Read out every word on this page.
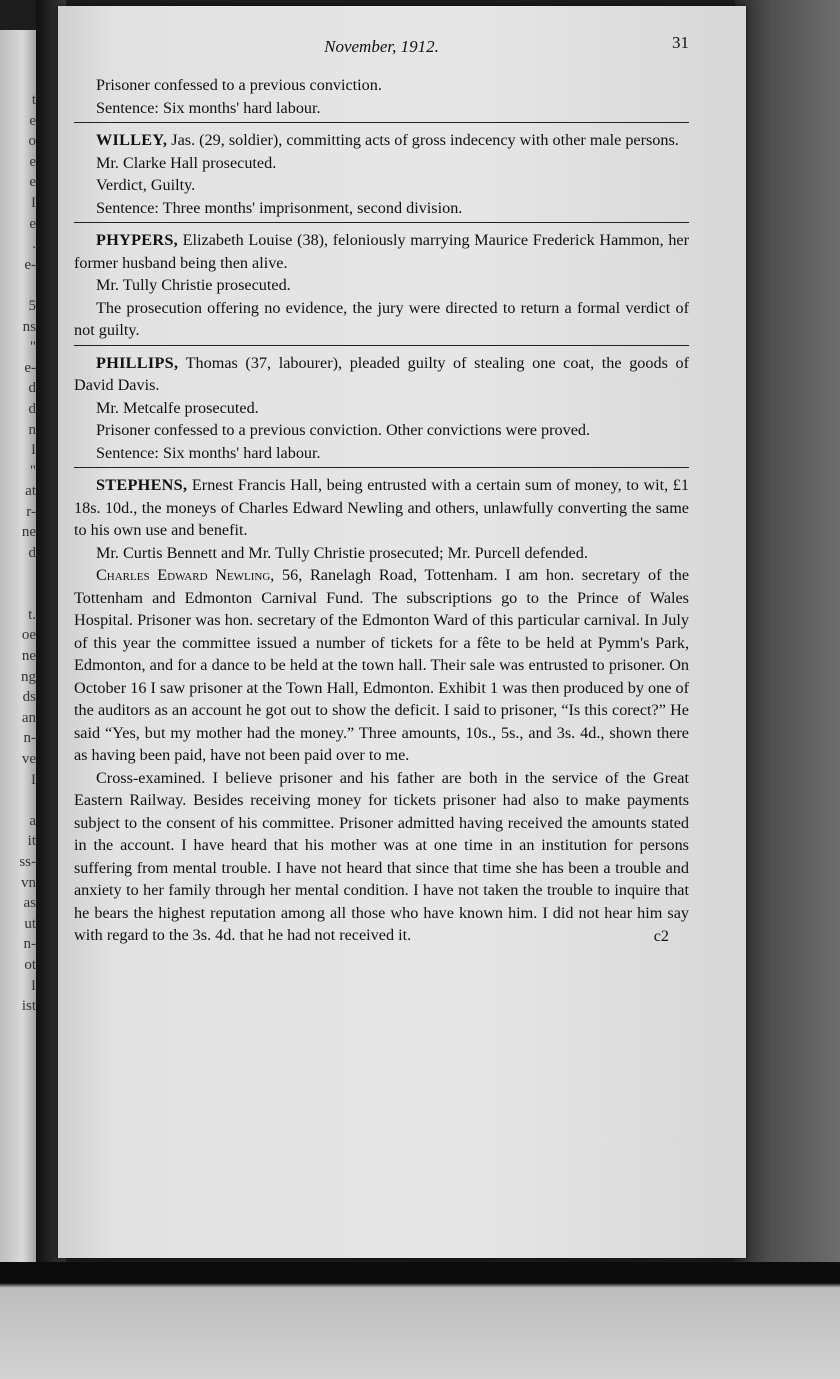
t
e
o
e
e
I
e
.
e-
5
ns
"
e-
d
d
n
I
"
at
r-
ne
d
t.
oe
ne
ng
ds
an
n-
ve
I
a
it
ss-
vn
as
ut
n-
ot
I
ist
November, 1912.	31

Prisoner confessed to a previous conviction.

Sentence: Six months' hard labour.

WILLEY, Jas. (29, soldier), committing acts of gross indecency with other male persons.

Mr. Clarke Hall prosecuted.

Verdict, Guilty.

Sentence: Three months' imprisonment, second division.

PHYPERS, Elizabeth Louise (38), feloniously marrying Maurice Frederick Hammon, her former husband being then alive.

Mr. Tully Christie prosecuted.

The prosecution offering no evidence, the jury were directed to return a formal verdict of not guilty.

PHILLIPS, Thomas (37, labourer), pleaded guilty of stealing one coat, the goods of David Davis.

Mr. Metcalfe prosecuted.

Prisoner confessed to a previous conviction. Other convictions were proved.

Sentence: Six months' hard labour.

STEPHENS, Ernest Francis Hall, being entrusted with a certain sum of money, to wit, £1 18s. 10d., the moneys of Charles Edward Newling and others, unlawfully converting the same to his own use and benefit.

Mr. Curtis Bennett and Mr. Tully Christie prosecuted; Mr. Purcell defended.

Charles Edward Newling, 56, Ranelagh Road, Tottenham. I am hon. secretary of the Tottenham and Edmonton Carnival Fund. The subscriptions go to the Prince of Wales Hospital. Prisoner was hon. secretary of the Edmonton Ward of this particular carnival. In July of this year the committee issued a number of tickets for a fête to be held at Pymm's Park, Edmonton, and for a dance to be held at the town hall. Their sale was entrusted to prisoner. On October 16 I saw prisoner at the Town Hall, Edmonton. Exhibit 1 was then produced by one of the auditors as an account he got out to show the deficit. I said to prisoner, “Is this corect?” He said “Yes, but my mother had the money.” Three amounts, 10s., 5s., and 3s. 4d., shown there as having been paid, have not been paid over to me.

Cross-examined. I believe prisoner and his father are both in the service of the Great Eastern Railway. Besides receiving money for tickets prisoner had also to make payments subject to the consent of his committee. Prisoner admitted having received the amounts stated in the account. I have heard that his mother was at one time in an institution for persons suffering from mental trouble. I have not heard that since that time she has been a trouble and anxiety to her family through her mental condition. I have not taken the trouble to inquire that he bears the highest reputation among all those who have known him. I did not hear him say with regard to the 3s. 4d. that he had not received it.	c2
